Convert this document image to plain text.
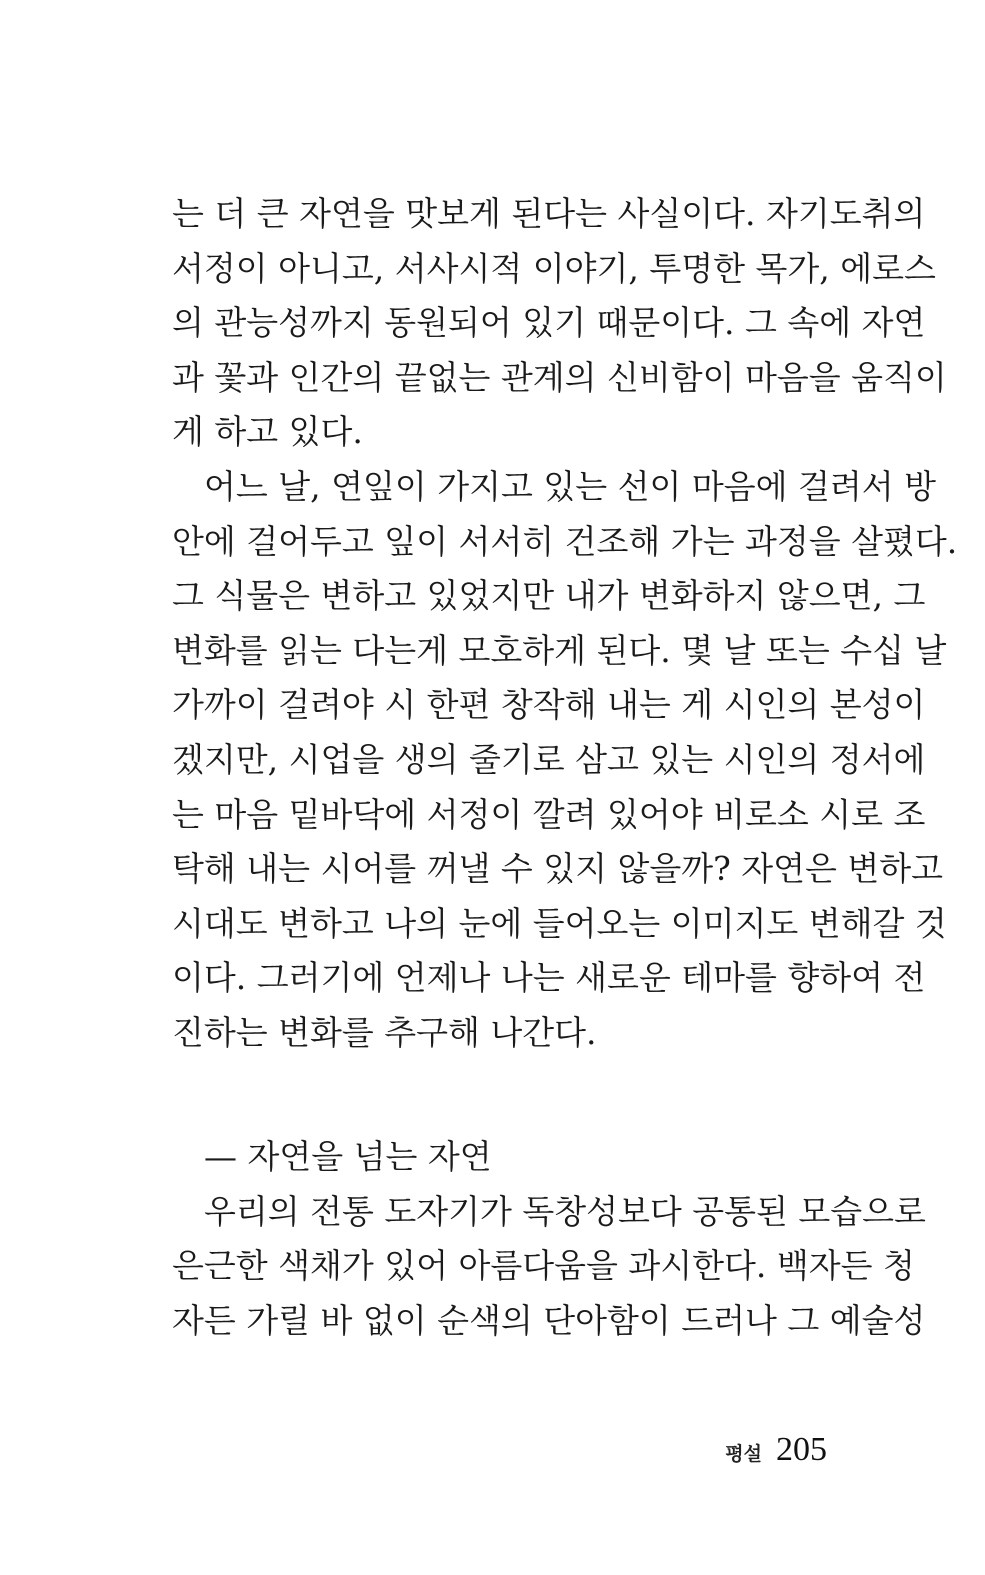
는 더 큰 자연을 맛보게 된다는 사실이다. 자기도취의
서정이 아니고, 서사시적 이야기, 투명한 목가, 에로스
의 관능성까지 동원되어 있기 때문이다. 그 속에 자연
과 꽃과 인간의 끝없는 관계의 신비함이 마음을 움직이
게 하고 있다.
어느 날, 연잎이 가지고 있는 선이 마음에 걸려서 방
안에 걸어두고 잎이 서서히 건조해 가는 과정을 살폈다.
그 식물은 변하고 있었지만 내가 변화하지 않으면, 그
변화를 읽는 다는게 모호하게 된다. 몇 날 또는 수십 날
가까이 걸려야 시 한편 창작해 내는 게 시인의 본성이
겠지만, 시업을 생의 줄기로 삼고 있는 시인의 정서에
는 마음 밑바닥에 서정이 깔려 있어야 비로소 시로 조
탁해 내는 시어를 꺼낼 수 있지 않을까? 자연은 변하고
시대도 변하고 나의 눈에 들어오는 이미지도 변해갈 것
이다. 그러기에 언제나 나는 새로운 테마를 향하여 전
진하는 변화를 추구해 나간다.
— 자연을 넘는 자연
우리의 전통 도자기가 독창성보다 공통된 모습으로
은근한 색채가 있어 아름다움을 과시한다. 백자든 청
자든 가릴 바 없이 순색의 단아함이 드러나 그 예술성
평설 205
